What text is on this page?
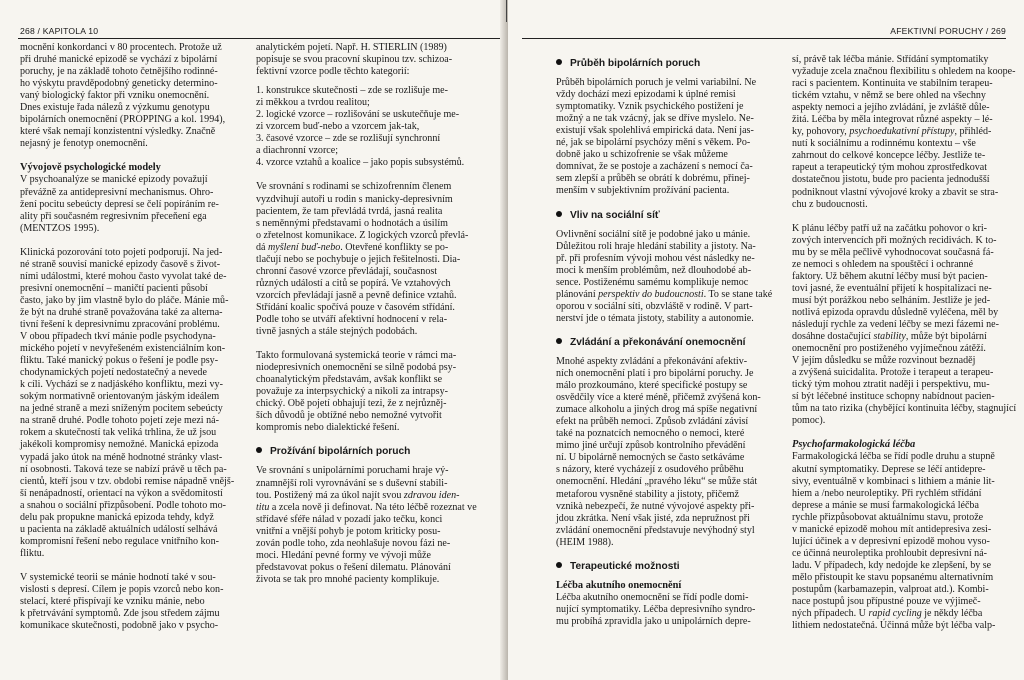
268 / KAPITOLA 10

mocnění konkordanci v 80 procentech. Protože už

při druhé manické epizodě se vychází z bipolární

poruchy, je na základě tohoto četnějšího rodinné-

ho výskytu pravděpodobný geneticky determino-

vaný biologický faktor při vzniku onemocnění.

Dnes existuje řada nálezů z výzkumu genotypu

bipolárních onemocnění (PROPPING a kol. 1994),

které však nemají konzistentní výsledky. Značně

nejasný je fenotyp onemocnění.

Vývojově psychologické modely

V psychoanalýze se manické epizody považují

převážně za antidepresivní mechanismus. Ohro-

žení pocitu sebeúcty depresí se čelí popíráním re-

ality při současném regresivním přeceňení ega

(MENTZOS 1995).

Klinická pozorování toto pojetí podporují. Na jed-

né straně souvisí manické epizody časově s život-

ními událostmi, které mohou často vyvolat také de-

presivní onemocnění – maničtí pacienti působí

často, jako by jim vlastně bylo do pláče. Mánie mů-

že být na druhé straně považována také za alterna-

tivní řešení k depresivnímu zpracování problému.

V obou případech tkví mánie podle psychodyna-

mického pojetí v nevyřešeném existenciálním kon-

fliktu. Také manický pokus o řešení je podle psy-

chodynamických pojetí nedostatečný a nevede

k cíli. Vychází se z nadjáského konfliktu, mezi vy-

sokým normativně orientovaným jáským ideálem

na jedné straně a mezi sníženým pocitem sebeúcty

na straně druhé. Podle tohoto pojetí zeje mezi ná-

rokem a skutečností tak veliká trhlina, že už jsou

jakékoli kompromisy nemožné. Manická epizoda

vypadá jako útok na méně hodnotné stránky vlast-

ní osobnosti. Taková teze se nabízí právě u těch pa-

cientů, kteří jsou v tzv. obdobi remise nápadně vnějš-

ší nenápadností, orientací na výkon a svědomitostí

a snahou o sociální přizpůsobení. Podle tohoto mo-

delu pak propukne manická epizoda tehdy, když

u pacienta na základě aktuálních událostí selhává

kompromisní řešení nebo regulace vnitřního kon-

fliktu.

V systemické teorii se mánie hodnotí také v sou-

vislosti s depresí. Cílem je popis vzorců nebo kon-

stelací, které přispívají ke vzniku mánie, nebo

k přetrvávání symptomů. Zde jsou středem zájmu

komunikace skutečnosti, podobně jako v psycho-

analytickém pojetí. Např. H. STIERLIN (1989)

popisuje se svou pracovní skupinou tzv. schizoa-

fektivní vzorce podle těchto kategorií:

1. konstrukce skutečnosti – zde se rozlišuje me-

zi měkkou a tvrdou realitou;

2. logické vzorce – rozlišování se uskutečňuje me-

zi vzorcem buď-nebo a vzorcem jak-tak,

3. časové vzorce – zde se rozlišují synchronní

a diachronní vzorce;

4. vzorce vztahů a koalice – jako popis subsystémů.

Ve srovnání s rodinami se schizofrenním členem

vyzdvihují autoři u rodin s manicky-depresivním

pacientem, že tam převládá tvrdá, jasná realita

s neměnnými představami o hodnotách a úsilím

o zřetelnost komunikace. Z logických vzorců převlá-

dá myšlení buď-nebo. Otevřené konflikty se po-

tlačují nebo se pochybuje o jejich řešitelnosti. Dia-

chronní časové vzorce převládají, současnost

různých událostí a citů se popírá. Ve vztahových

vzorcích převládají jasně a pevně definice vztahů.

Střídání koalic spočívá pouze v časovém střídání.

Podle toho se utváří afektivní hodnocení v rela-

tivně jasných a stále stejných podobách.

Takto formulovaná systemická teorie v rámci ma-

niodepresivních onemocnění se silně podobá psy-

choanalytickým představám, avšak konflikt se

považuje za interpsychický a nikoli za intrapsy-

chický. Obě pojetí obhajují tezi, že z nejrůzněj-

ších důvodů je obtížné nebo nemožné vytvořit

kompromis nebo dialektické řešení.

Prožívání bipolárních poruch

Ve srovnání s unipolárními poruchami hraje vý-

znamnější roli vyrovnávání se s duševní stabili-

tou. Postižený má za úkol najít svou zdravou iden-

titu a zcela nově ji definovat. Na této léčbě rozeznat ve

střídavé sféře nálad v pozadí jako tečku, konci

vnitřní a vnější pohyb je potom kriticky posu-

zován podle toho, zda neohlašuje novou fázi ne-

moci. Hledání pevné formy ve vývoji může

představovat pokus o řešení dilematu. Plánování

života se tak pro mnohé pacienty komplikuje.

AFEKTIVNÍ PORUCHY / 269
Průběh bipolárních poruch

Průběh bipolárních poruch je velmi variabilní. Ne

vždy dochází mezi epizodami k úplné remisi

symptomatiky. Vznik psychického postižení je

možný a ne tak vzácný, jak se dříve myslelo. Ne-

existují však spolehlivá empirická data. Není jas-

né, jak se bipolární psychózy mění s věkem. Po-

dobně jako u schizofrenie se však můžeme

domnívat, že se postoje a zacházení s nemocí ča-

sem zlepší a průběh se obrátí k dobrému, přinej-

menším v subjektivním prožívání pacienta.

Vliv na sociální síť

Ovlivnění sociální sítě je podobné jako u mánie.

Důležitou roli hraje hledání stability a jistoty. Na-

př. při profesním vývoji mohou vést následky ne-

moci k menším problémům, než dlouhodobé ab-

sence. Postiženému samému komplikuje nemoc

plánování perspektiv do budoucnosti. To se stane také

oporou v sociální síti, obzvláště v rodině. V part-

nerství jde o témata jistoty, stability a autonomie.

Zvládání a překonávání onemocnění

Mnohé aspekty zvládání a překonávání afektiv-

ních onemocnění platí i pro bipolární poruchy. Je

málo prozkoumáno, které specifické postupy se

osvědčily více a které méně, přičemž zvýšená kon-

zumace alkoholu a jiných drog má spíše negativní

efekt na průběh nemoci. Způsob zvládání závisí

také na poznatcích nemocného o nemoci, které

mimo jiné určují způsob kontrolního převádění

ní. U bipolárně nemocných se často setkáváme

s názory, které vycházejí z osudového průběhu

onemocnění. Hledání „pravého léku“ se může stát

metaforou vysněné stability a jistoty, přičemž

vznikà nebezpečí, že nutné vývojové aspekty při-

jdou zkrátka. Není však jisté, zda nepružnost při

zvládání onemocnění představuje nevýhodný styl

(HEIM 1988).

Terapeutické možnosti
Léčba akutního onemocnění

Léčba akutního onemocnění se řídí podle domi-

nující symptomatiky. Léčba depresivního syndro-

mu probíhá zpravidla jako u unipolárních depre-

sí, právě tak léčba mánie. Střídání symptomatiky

vyžaduje zcela značnou flexibilitu s ohledem na koope-

raci s pacientem. Kontinuita ve stabilním terapeu-

tickém vztahu, v němž se bere ohled na všechny

aspekty nemoci a jejího zvládání, je zvláště důle-

žitá. Léčba by měla integrovat různé aspekty – lé-

ky, pohovory, psychoedukativní přístupy, přihléd-

nutí k sociálnímu a rodinnému kontextu – vše

zahrnout do celkové koncepce léčby. Jestliže te-

rapeut a terapeutický tým mohou zprostředkovat

dostatečnou jistotu, bude pro pacienta jednodušší

podniknout vlastní vývojové kroky a zbavit se stra-

chu z budoucnosti.

K plánu léčby patří už na začátku pohovor o kri-

zových intervencích při možných recidivách. K to-

mu by se měla pečlivě vyhodnocovat současná fá-

ze nemoci s ohledem na spouštěcí i ochranné

faktory. Už během akutní léčby musí být pacien-

tovi jasné, že eventuální přijetí k hospitalizaci ne-

musí být porážkou nebo selháním. Jestliže je jed-

notlivá epizoda opravdu důsledně vyléčena, měl by

následují rychle za vedení léčby se mezi fázemi ne-

dosáhne dostačující stability, může být bipolární

onemocnění pro postiženého vyjímečnou zátěží.

V jejím důsledku se může rozvinout beznaděj

a zvýšená suicidalita. Protože i terapeut a terapeu-

tický tým mohou ztratit naději i perspektivu, mu-

sí být léčebné instituce schopny nabídnout pacien-

tům na tato rizika (chybějící kontinuita léčby, stagnující

pomoc).

Psychofarmakologická léčba

Farmakologická léčba se řídí podle druhu a stupně

akutní symptomatiky. Deprese se léčí antidepre-

sivy, eventuálně v kombinaci s lithiem a mánie lit-

hiem a /nebo neuroleptiky. Při rychlém střídání

deprese a mánie se musí farmakologická léčba

rychle přizpůsobovat aktuálnímu stavu, protože

v manické epizodě mohou mít antidepresiva zesi-

lující účinek a v depresivní epizodě mohou vyso-

ce účinná neuroleptika prohloubit depresivní ná-

ladu. V případech, kdy nedojde ke zlepšení, by se

mělo přistoupit ke stavu popsanému alternativním

postupům (karbamazepin, valproat atd.). Kombi-

nace postupů jsou přípustné pouze ve výjimeč-

ných případech. U rapid cycling je někdy léčba

lithiem nedostatečná. Účinná může být léčba valp-
